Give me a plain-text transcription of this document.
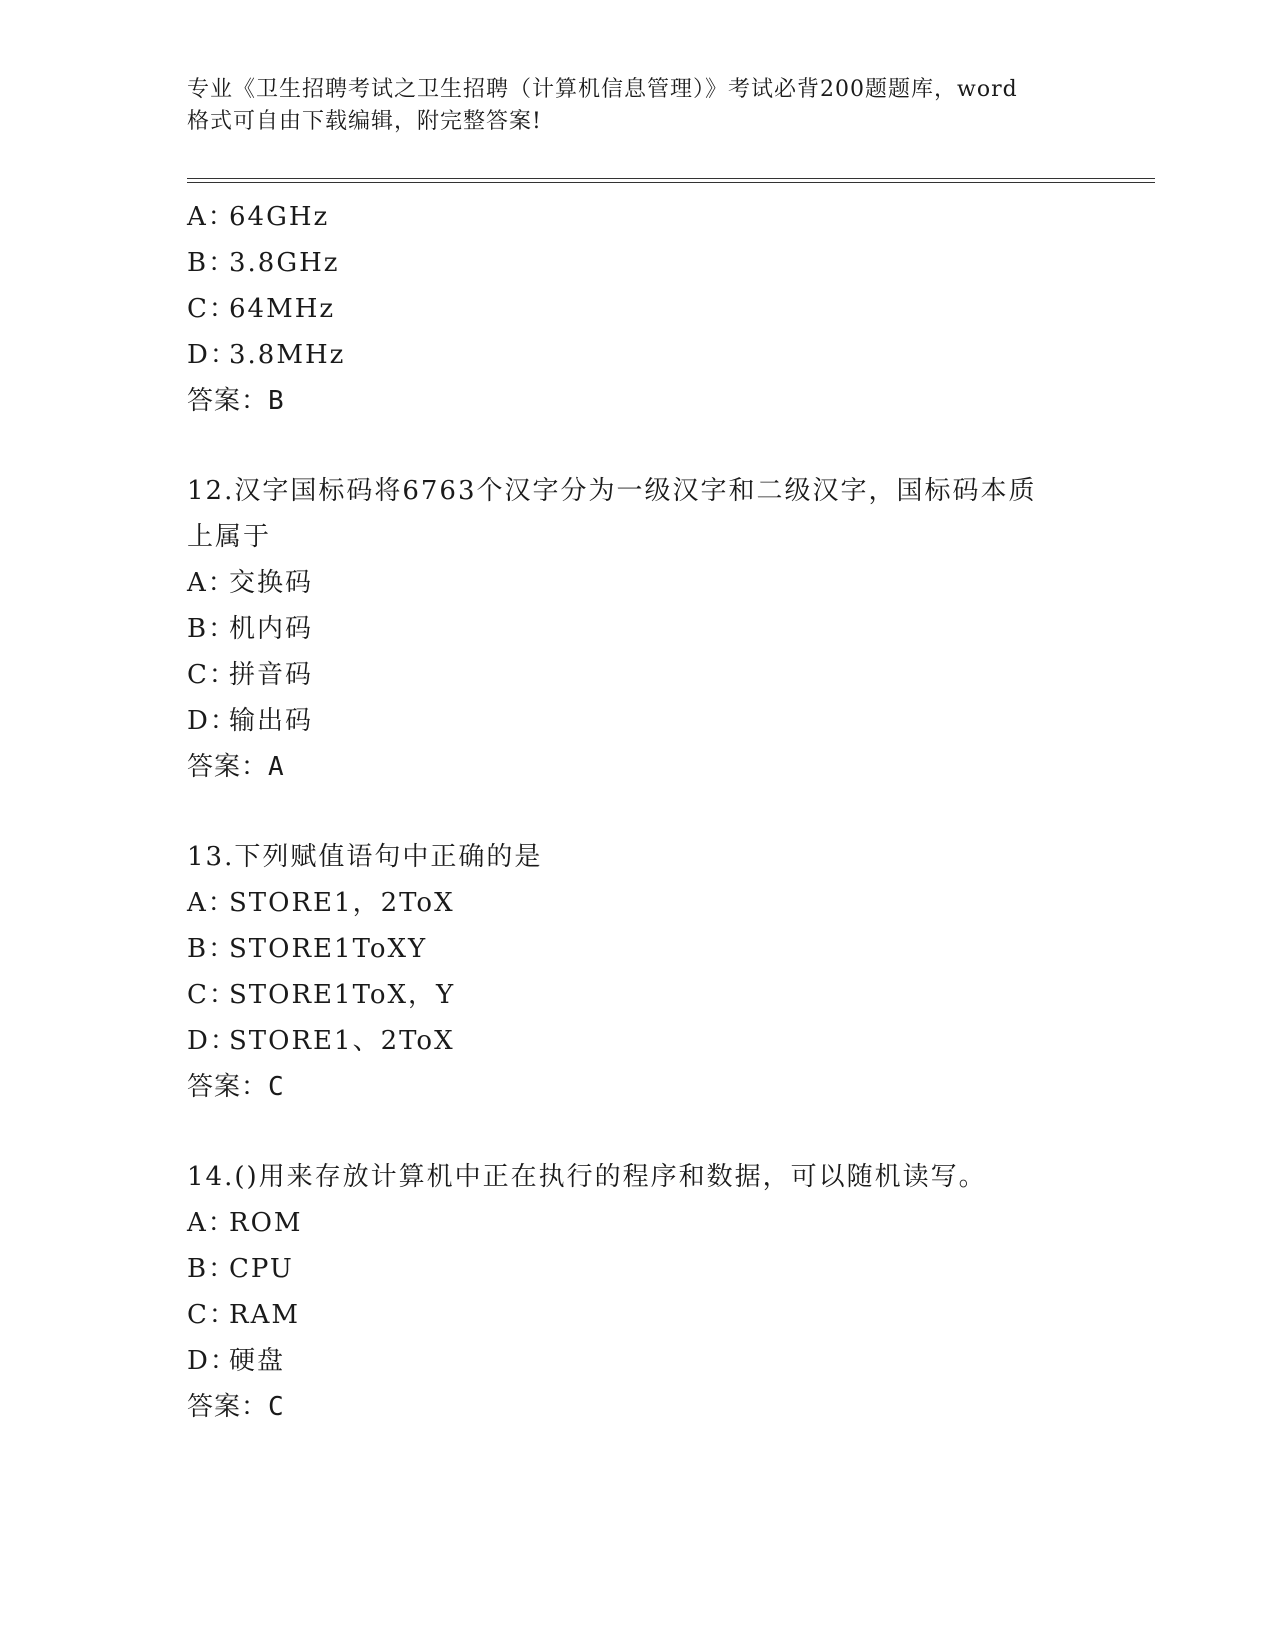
专业《卫生招聘考试之卫生招聘（计算机信息管理）》考试必背200题题库，word
格式可自由下载编辑，附完整答案!
A：64GHz
B：3.8GHz
C：64MHz
D：3.8MHz
答案：B
12.汉字国标码将6763个汉字分为一级汉字和二级汉字，国标码本质
上属于
A：交换码
B：机内码
C：拼音码
D：输出码
答案：A
13.下列赋值语句中正确的是
A：STORE1，2ToX
B：STORE1ToXY
C：STORE1ToX，Y
D：STORE1、2ToX
答案：C
14.()用来存放计算机中正在执行的程序和数据，可以随机读写。
A：ROM
B：CPU
C：RAM
D：硬盘
答案：C
